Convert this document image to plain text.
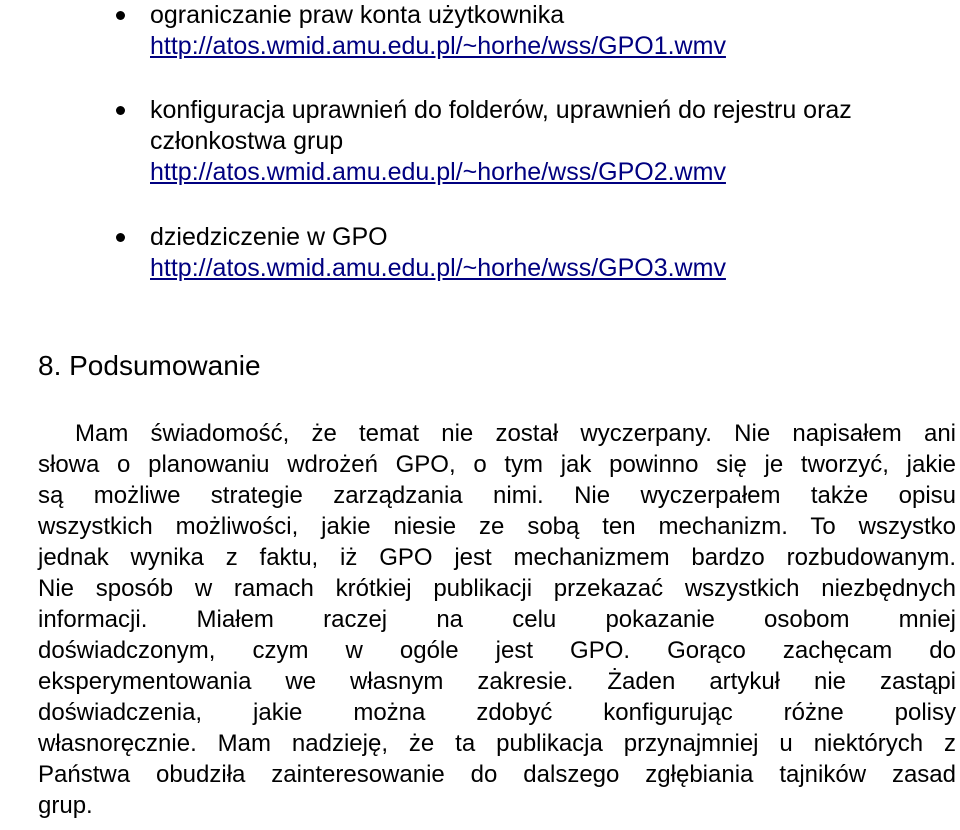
ograniczanie praw konta użytkownika
http://atos.wmid.amu.edu.pl/~horhe/wss/GPO1.wmv
konfiguracja uprawnień do folderów, uprawnień do rejestru oraz
członkostwa grup
http://atos.wmid.amu.edu.pl/~horhe/wss/GPO2.wmv
dziedziczenie w GPO
http://atos.wmid.amu.edu.pl/~horhe/wss/GPO3.wmv
8. Podsumowanie
Mam świadomość, że temat nie został wyczerpany. Nie napisałem ani
słowa o planowaniu wdrożeń GPO, o tym jak powinno się je tworzyć, jakie
są możliwe strategie zarządzania nimi. Nie wyczerpałem także opisu
wszystkich możliwości, jakie niesie ze sobą ten mechanizm. To wszystko
jednak wynika z faktu, iż GPO jest mechanizmem bardzo rozbudowanym.
Nie sposób w ramach krótkiej publikacji przekazać wszystkich niezbędnych
informacji. Miałem raczej na celu pokazanie osobom mniej
doświadczonym, czym w ogóle jest GPO. Gorąco zachęcam do
eksperymentowania we własnym zakresie. Żaden artykuł nie zastąpi
doświadczenia, jakie można zdobyć konfigurując różne polisy
własnoręcznie. Mam nadzieję, że ta publikacja przynajmniej u niektórych z
Państwa obudziła zainteresowanie do dalszego zgłębiania tajników zasad
grup.
